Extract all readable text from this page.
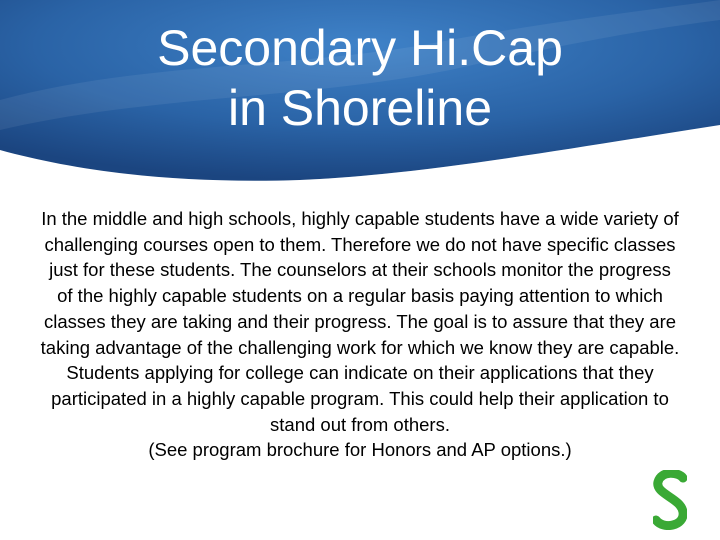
Secondary Hi.Cap
in Shoreline
In the middle and high schools, highly capable students have a wide variety of challenging courses open to them. Therefore we do not have specific classes just for these students. The counselors at their schools monitor the progress of the highly capable students on a regular basis paying attention to which classes they are taking and their progress. The goal is to assure that they are taking advantage of the challenging work for which we know they are capable. Students applying for college can indicate on their applications that they participated in a highly capable program. This could help their application to stand out from others.
(See program brochure for Honors and AP options.)
